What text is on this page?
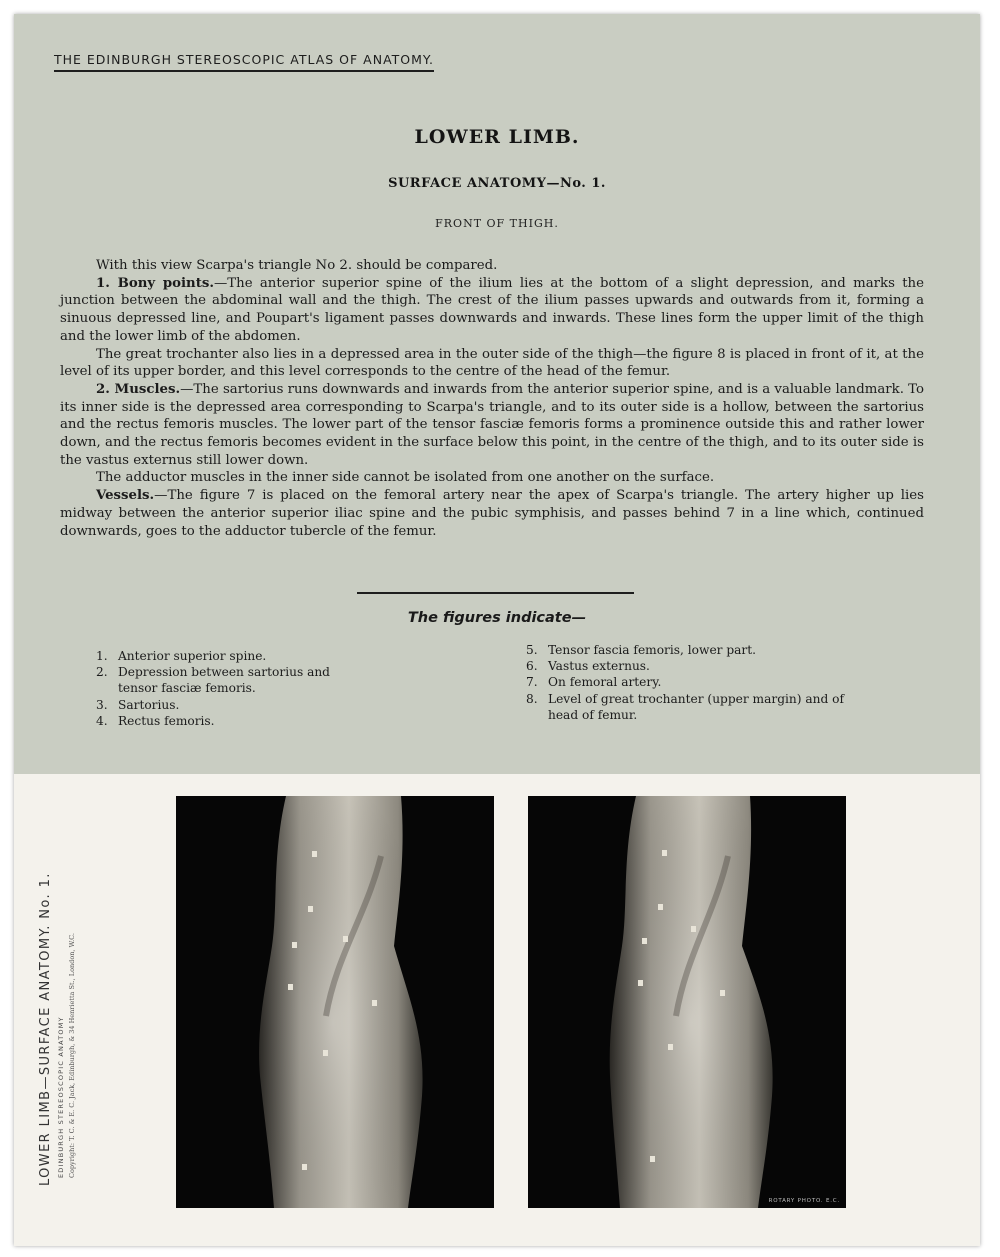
THE EDINBURGH STEREOSCOPIC ATLAS OF ANATOMY.
LOWER LIMB.
SURFACE ANATOMY—No. 1.
FRONT OF THIGH.

With this view Scarpa's triangle No 2. should be compared.

1. Bony points.—The anterior superior spine of the ilium lies at the bottom of a slight depression, and marks the junction between the abdominal wall and the thigh. The crest of the ilium passes upwards and outwards from it, forming a sinuous depressed line, and Poupart's ligament passes downwards and inwards. These lines form the upper limit of the thigh and the lower limb of the abdomen.

The great trochanter also lies in a depressed area in the outer side of the thigh—the figure 8 is placed in front of it, at the level of its upper border, and this level corresponds to the centre of the head of the femur.

2. Muscles.—The sartorius runs downwards and inwards from the anterior superior spine, and is a valuable landmark. To its inner side is the depressed area corresponding to Scarpa's triangle, and to its outer side is a hollow, between the sartorius and the rectus femoris muscles. The lower part of the tensor fasciæ femoris forms a prominence outside this and rather lower down, and the rectus femoris becomes evident in the surface below this point, in the centre of the thigh, and to its outer side is the vastus externus still lower down.

The adductor muscles in the inner side cannot be isolated from one another on the surface.

Vessels.—The figure 7 is placed on the femoral artery near the apex of Scarpa's triangle. The artery higher up lies midway between the anterior superior iliac spine and the pubic symphisis, and passes behind 7 in a line which, continued downwards, goes to the adductor tubercle of the femur.

The figures indicate—
1. Anterior superior spine.
2. Depression between sartorius and tensor fasciæ femoris.
3. Sartorius.
4. Rectus femoris.
5. Tensor fascia femoris, lower part.
6. Vastus externus.
7. On femoral artery.
8. Level of great trochanter (upper margin) and of head of femur.
LOWER LIMB—SURFACE ANATOMY. No. 1. EDINBURGH STEREOSCOPIC ANATOMY Copyright: T. C. & E. C. Jack, Edinburgh, & 34 Henrietta St., London, W.C.
ROTARY PHOTO. E.C.
